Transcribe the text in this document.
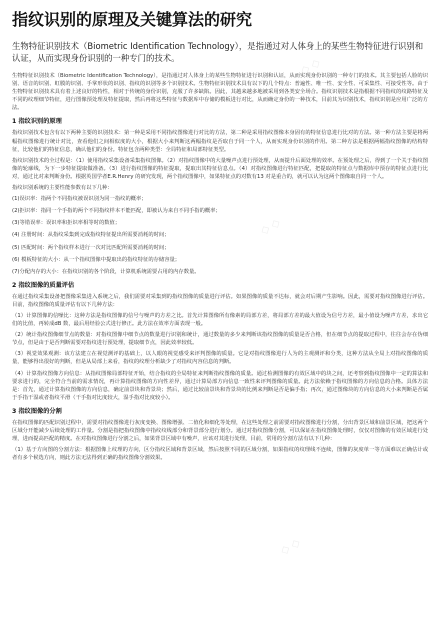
指纹识别的原理及关键算法的研究

生物特征识别技术（Biometric Identification Technology），是指通过对人体身上的某些生物特征进行识别和认证，从而实现身份识别的一种专门的技术。

生物特征识别技术（Biometric Identification Technology），是指通过对人体身上的某些生物特征进行识别和认证，从而实现身份识别的一种专门的技术。其主要包括人脸的识别、语音的识别、虹膜的识别、手掌形状的识别、指纹的识别等多个识别技术。生物特征识别技术具有以下的几个特点：普遍性、唯一性、安全性、可采集性、可接受性等。由于生物特征识别技术具有着上述良好的特性，相对于传统的身份识别，克服了许多缺陷。因此，其越来越多地被采用到各类安全场合。指纹识别技术是指根据不同指纹的纹路特征及不同的纹理细节特征，进行图像预处理及特征提取，然后再将这些特征与数据库中存储的模板进行对比，从而确定身份的一种技术，目前其为识别技术，指纹识别是应用广泛的方法。

1 指纹识别的原理

指纹识别技术包含有以下两种主要的识别技术：第一种是采用不同指纹图像进行对比的方法，第二种是采用指纹图像本身固有的特征信息进行比对的方法。第一种方法主要是将两幅指纹图像进行统计对比，查看他们之间相似度的大小，根据大小来判断这两幅指纹是否取自于同一个人，从而实现身份识别的作用。第二种方法是根据两幅指纹图像的结构特征，比较他们的特征信息，确认他们的身份。特征包含两种类型：全局特征和局部特征类型。

指纹识别技术的全过程是：（1）使用指纹采集设备采集指纹图像。（2）对指纹图像中的大量噪声点进行预处理，从而提升后面处理的效率。在预处理之后，得到了一个关于指纹图像的轮廓线，为下一步特征提取做准备。（3）进行指纹图像的特征提取，提取出其特征信息点。（4）对指纹图像进行特征匹配，把提取的特征点与数据库中预存的特征点进行比对，通过比对来判断身份。根据英国学者E.R.Henry 的研究发现，两个指纹图像中，如果特征点的对数有13 对是重合的，就可以认为这两个图像取自同一个人。

指纹识别系统的主要性能参数有以下几种：

(1)误识率：指两个不同指纹被误识别为同一指纹的概率；
(2)拒识率：指同一个手指的两个不同指纹样本不能匹配，即被认为来自不同手指的概率；
(3)等错误率：误识率和拒识率相等时的数值；
(4) 注册时间：从指纹采集到完成指纹特征提出所需要消耗的时间；
(5) 匹配时间：两个指纹样本进行一次对比匹配所需要消耗的时间；
(6) 模板特征的大小：从一个指纹图像中提取出的指纹特征的存储容量；
(7)分配内存的大小：在指纹识别的各个阶段，计算机系统需要占用的内存数量。
2 指纹图像的质量评估

在通过指纹采集设备把图像采集进入系统之后，我们需要对采集到的指纹图像的质量进行评估。如果图像的质量不达标，就会对后期产生影响。因此，需要对指纹图像进行评估。目前，指纹图像的质量评估有以下几种方法：

（1）计算图像的信噪比：这种方法是指纹图像的信号与噪声的方差之比。首先计算图像所有像素的局部方差，将局部方差的最大值设为信号方差，最小值设为噪声方差，求出它们的比值，再转成dB 数，最后用经验公式进行修正。此方法在效率方面表现一般。

（2）统计指纹图像细节点的数量：对指纹图像中细节点的数量进行识别和统计，通过数量的多少来判断该指纹图像的质量是否合格，但在细节点的提取过程中，往往会存在伪细节点，但是由于是否判断需要对指纹进行预处理，提取细节点，因此效率较低。

（3）视觉效果观测：该方法建立在视觉测评的基础上，以人眼的视觉感受来评判图像的质量。它是对指纹图像进行人为的主观测评和分类，这种方法从全局上对指纹图像的质量，能够得出很好的判断，但是从局部上来看，指纹的纹理分析缺少了对指纹内容信息的判断。

（4）计算指纹图像方向信息：从指纹图像局部特征开始，结合指纹的全局特征来判断指纹图像的质量。通过检测图像的有效区域中的块之间，还考察到指纹图像中一定的算法和要求进行的，完全符合当前的需求情况，再计算指纹图像的方向性差异，通过计算局部方向信息一致性来评判图像的质量。此方法依赖于指纹图像的方向信息的合格。具体方法是：首先，通过计算指纹图像的方向信息，确定前景块和背景块；然后，通过比较前景块和背景块的比例来判断是否是偏手指；再次，通过图像块的方向信息的大小来判断是否属于手指干湿或者指纹平滑（干手指对比度较大，湿手指对比度较小）。

3 指纹图像的分割

在指纹图像的匹配识别过程中，需要对指纹图像进行灰度变换、图像增强、二值化和细化等处理，在这些处理之前需要对指纹图像进行分割，分出背景区域和前景区域，把这两个区域分开能减少后续处理的工作量。分割是指把指纹图像中指纹纹线部分和背景部分进行划分。通过对指纹图像分割，可以保证在指纹图像处理时，仅仅对图像的有效区域进行处理，进而提高匹配的精度。在对指纹图像进行分割之后，如果背景区域中有噪声，应该对其进行处理，目前，常用的分割方法有以下几种：

（1）基于方向图的分割方法：根据图像上纹理的方向，区分指纹区域和背景区域，然后按照不同的区域分割，如果指纹的纹理线不连续，图像的灰度单一等方面难以正确估计或者有多个候选方向，则此方法无法得到正确的指纹图像分割效果。

◇ ◇
◇ ◇
◇ ◇
◇ ◇
